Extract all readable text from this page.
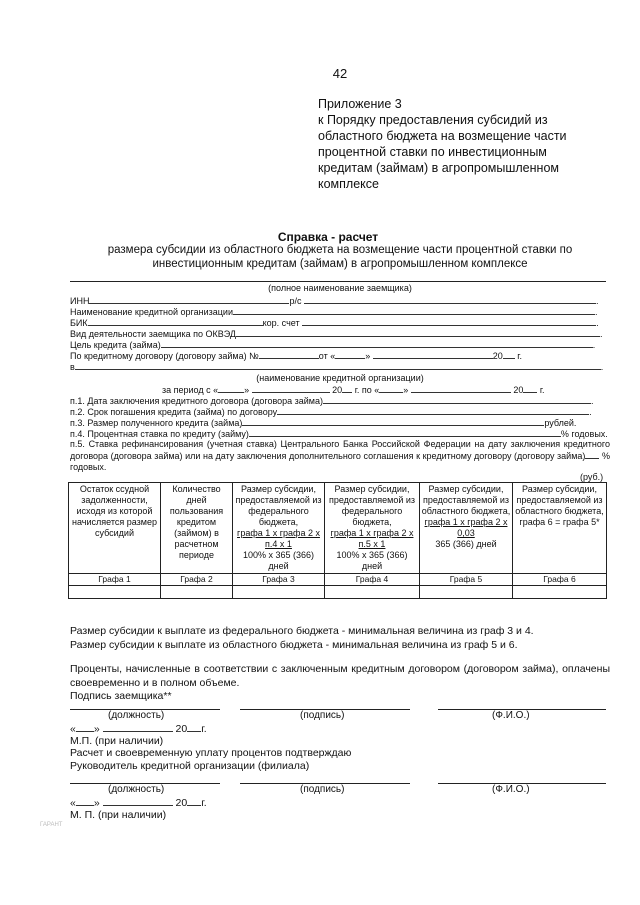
42
Приложение 3
к Порядку предоставления субсидий из
областного бюджета на возмещение части
процентной ставки по инвестиционным
кредитам (займам) в агропромышленном
комплексе
Справка - расчет
размера субсидии из областного бюджета на возмещение части процентной ставки по инвестиционным кредитам (займам) в агропромышленном комплексе
(полное наименование заемщика)
ИНН	р/с	.
Наименование кредитной организации	.
БИК	кор. счет	.
Вид деятельности заемщика по ОКВЭД	.
Цель кредита (займа)	.
По кредитному договору (договору займа) №	от «	»	20 г.
в	.
(наименование кредитной организации)
за период с «	»	20 г. по «	»	20 г.
п.1. Дата заключения кредитного договора (договора займа)	.
п.2. Срок погашения кредита (займа) по договору	.
п.3. Размер полученного кредита (займа)	рублей.
п.4. Процентная ставка по кредиту (займу)	% годовых.
п.5. Ставка рефинансирования (учетная ставка) Центрального Банка Российской Федерации на дату заключения кредитного договора (договора займа) или на дату заключения дополнительного соглашения к кредитному договору (договору займа) % годовых.
(руб.)
Остаток ссудной задолженности, исходя из которой начисляется размер субсидий	Количество дней пользования кредитом (займом) в расчетном периоде	Размер субсидии, предоставляемой из федерального бюджета,
графа 1 х графа 2 х п.4 х 1
100% х 365 (366) дней	Размер субсидии, предоставляемой из федерального бюджета,
графа 1 х графа 2 х п.5 х 1
100% х 365 (366) дней	Размер субсидии, предоставляемой из областного бюджета,
графа 1 х графа 2 х 0,03
365 (366) дней	Размер субсидии, предоставляемой из областного бюджета,
графа 6 = графа 5*
Графа 1	Графа 2	Графа 3	Графа 4	Графа 5	Графа 6

Размер субсидии к выплате из федерального бюджета - минимальная величина из граф 3 и 4.
Размер субсидии к выплате из областного бюджета - минимальная величина из граф 5 и 6.
Проценты, начисленные в соответствии с заключенным кредитным договором (договором займа), оплачены своевременно и в полном объеме.
Подпись заемщика**
(должность)	(подпись)	(Ф.И.О.)
« »	20 г.
М.П. (при наличии)
Расчет и своевременную уплату процентов подтверждаю
Руководитель кредитной организации (филиала)
(должность)	(подпись)	(Ф.И.О.)
« »	20 г.
М. П. (при наличии)
ГАРАНТ
